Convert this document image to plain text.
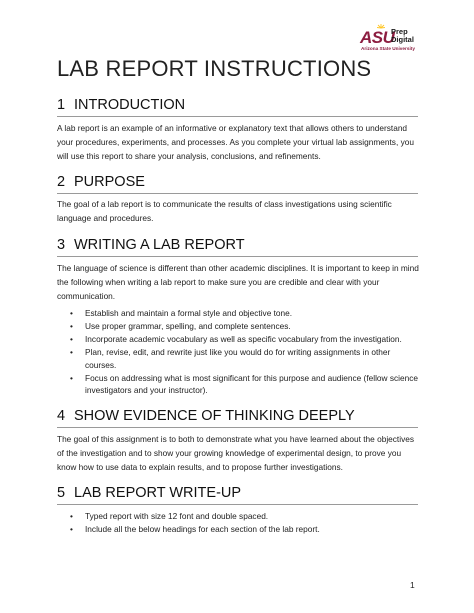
ASU
Prep
Digital
Arizona State University
LAB REPORT INSTRUCTIONS
1 INTRODUCTION
A lab report is an example of an informative or explanatory text that allows others to understand your procedures, experiments, and processes. As you complete your virtual lab assignments, you will use this report to share your analysis, conclusions, and refinements.
2 PURPOSE
The goal of a lab report is to communicate the results of class investigations using scientific language and procedures.
3 WRITING A LAB REPORT
The language of science is different than other academic disciplines. It is important to keep in mind the following when writing a lab report to make sure you are credible and clear with your communication.
• Establish and maintain a formal style and objective tone.
• Use proper grammar, spelling, and complete sentences.
• Incorporate academic vocabulary as well as specific vocabulary from the investigation.
• Plan, revise, edit, and rewrite just like you would do for writing assignments in other courses.
• Focus on addressing what is most significant for this purpose and audience (fellow science investigators and your instructor).
4 SHOW EVIDENCE OF THINKING DEEPLY
The goal of this assignment is to both to demonstrate what you have learned about the objectives of the investigation and to show your growing knowledge of experimental design, to prove you know how to use data to explain results, and to propose further investigations.
5 LAB REPORT WRITE-UP
• Typed report with size 12 font and double spaced.
• Include all the below headings for each section of the lab report.
1
